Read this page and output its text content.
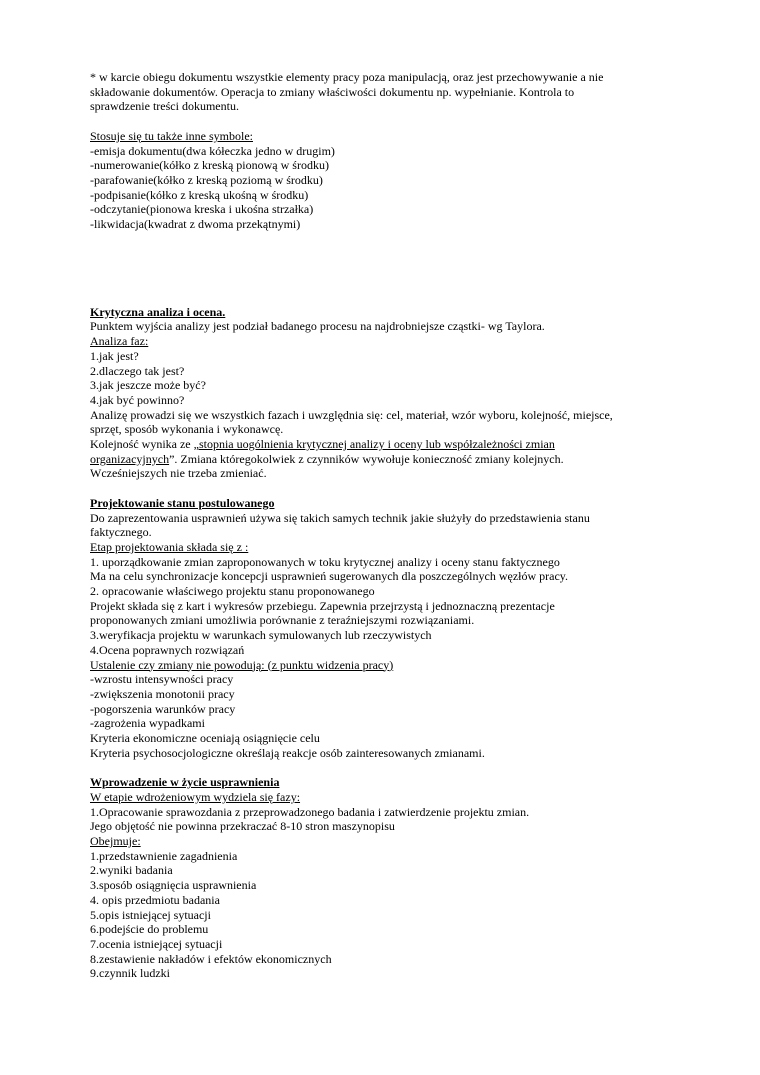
* w karcie obiegu dokumentu wszystkie elementy pracy poza manipulacją, oraz jest przechowywanie a nie
składowanie dokumentów. Operacja to zmiany właściwości dokumentu np. wypełnianie. Kontrola to
sprawdzenie treści dokumentu.
Stosuje się tu także inne symbole:
-emisja dokumentu(dwa kółeczka jedno w drugim)
-numerowanie(kółko z kreską pionową w środku)
-parafowanie(kółko z kreską poziomą w środku)
-podpisanie(kółko z kreską ukośną w środku)
-odczytanie(pionowa kreska i ukośna strzałka)
-likwidacja(kwadrat z dwoma przekątnymi)
Krytyczna analiza i ocena.
Punktem wyjścia analizy jest podział badanego procesu na najdrobniejsze cząstki- wg Taylora.
Analiza faz:
1.jak jest?
2.dlaczego tak jest?
3.jak jeszcze może być?
4.jak być powinno?
Analizę prowadzi się we wszystkich fazach i uwzględnia się: cel, materiał, wzór wyboru, kolejność, miejsce,
sprzęt, sposób wykonania i wykonawcę.
Kolejność wynika ze „stopnia uogólnienia krytycznej analizy i oceny lub współzależności zmian
organizacyjnych”. Zmiana któregokolwiek z czynników wywołuje konieczność zmiany kolejnych.
Wcześniejszych nie trzeba zmieniać.
Projektowanie stanu postulowanego
Do zaprezentowania usprawnień używa się takich samych technik jakie służyły do przedstawienia stanu
faktycznego.
Etap projektowania składa się z :
1. uporządkowanie zmian zaproponowanych w toku krytycznej analizy i oceny stanu faktycznego
Ma na celu synchronizacje koncepcji usprawnień sugerowanych dla poszczególnych węzłów pracy.
2. opracowanie właściwego projektu stanu proponowanego
Projekt składa się z kart i wykresów przebiegu. Zapewnia przejrzystą i jednoznaczną prezentacje
proponowanych zmiani umożliwia porównanie z teraźniejszymi rozwiązaniami.
3.weryfikacja projektu w warunkach symulowanych lub rzeczywistych
4.Ocena poprawnych rozwiązań
Ustalenie czy zmiany nie powodują: (z punktu widzenia pracy)
-wzrostu intensywności pracy
-zwiększenia monotonii pracy
-pogorszenia warunków pracy
-zagrożenia wypadkami
Kryteria ekonomiczne oceniają osiągnięcie celu
Kryteria psychosocjologiczne określają reakcje osób zainteresowanych zmianami.
Wprowadzenie w życie usprawnienia
W etapie wdrożeniowym wydziela się fazy:
1.Opracowanie sprawozdania z przeprowadzonego badania i zatwierdzenie projektu zmian.
Jego objętość nie powinna przekraczać 8-10 stron maszynopisu
Obejmuje:
1.przedstawnienie zagadnienia
2.wyniki badania
3.sposób osiągnięcia usprawnienia
4. opis przedmiotu badania
5.opis istniejącej sytuacji
6.podejście do problemu
7.ocenia istniejącej sytuacji
8.zestawienie nakładów i efektów ekonomicznych
9.czynnik ludzki
